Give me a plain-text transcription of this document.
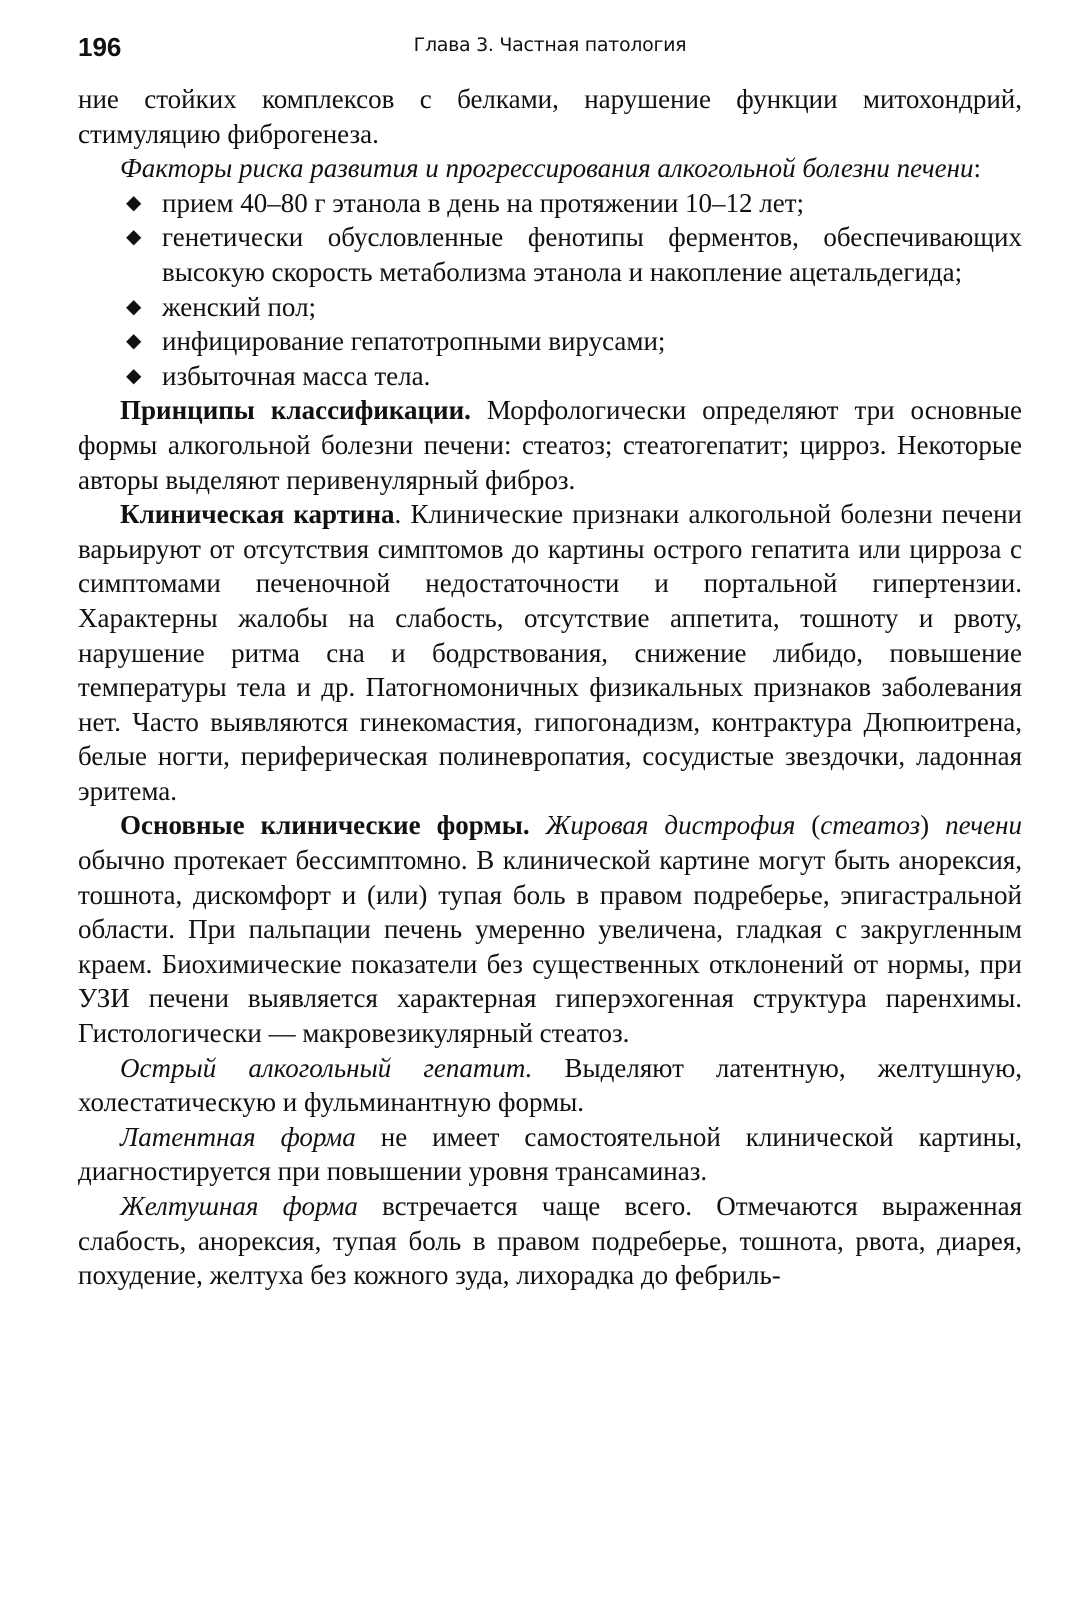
196	Глава 3. Частная патология

ние стойких комплексов с белками, нарушение функции митохондрий, стимуляцию фиброгенеза.

Факторы риска развития и прогрессирования алкогольной болезни печени:

◆ прием 40–80 г этанола в день на протяжении 10–12 лет;
◆ генетически обусловленные фенотипы ферментов, обеспечивающих высокую скорость метаболизма этанола и накопление ацетальдегида;
◆ женский пол;
◆ инфицирование гепатотропными вирусами;
◆ избыточная масса тела.

Принципы классификации. Морфологически определяют три основные формы алкогольной болезни печени: стеатоз; стеатогепатит; цирроз. Некоторые авторы выделяют перивенулярный фиброз.

Клиническая картина. Клинические признаки алкогольной болезни печени варьируют от отсутствия симптомов до картины острого гепатита или цирроза с симптомами печеночной недостаточности и портальной гипертензии. Характерны жалобы на слабость, отсутствие аппетита, тошноту и рвоту, нарушение ритма сна и бодрствования, снижение либидо, повышение температуры тела и др. Патогномоничных физикальных признаков заболевания нет. Часто выявляются гинекомастия, гипогонадизм, контрактура Дюпюитрена, белые ногти, периферическая полиневропатия, сосудистые звездочки, ладонная эритема.

Основные клинические формы. Жировая дистрофия (стеатоз) печени обычно протекает бессимптомно. В клинической картине могут быть анорексия, тошнота, дискомфорт и (или) тупая боль в правом подреберье, эпигастральной области. При пальпации печень умеренно увеличена, гладкая с закругленным краем. Биохимические показатели без существенных отклонений от нормы, при УЗИ печени выявляется характерная гиперэхогенная структура паренхимы. Гистологически — макровезикулярный стеатоз.

Острый алкогольный гепатит. Выделяют латентную, желтушную, холестатическую и фульминантную формы.

Латентная форма не имеет самостоятельной клинической картины, диагностируется при повышении уровня трансаминаз.

Желтушная форма встречается чаще всего. Отмечаются выраженная слабость, анорексия, тупая боль в правом подреберье, тошнота, рвота, диарея, похудение, желтуха без кожного зуда, лихорадка до фебриль-
